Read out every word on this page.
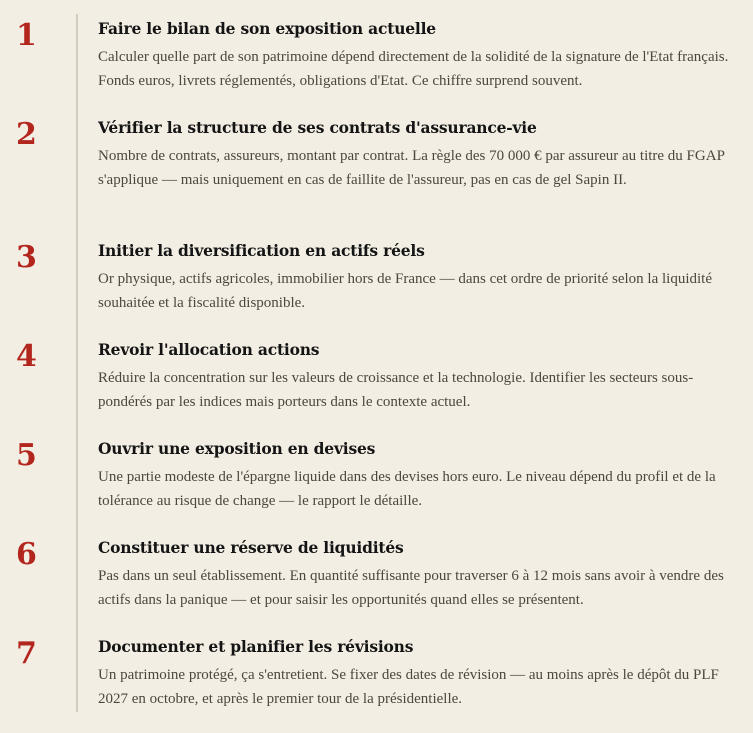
1	Faire le bilan de son exposition actuelle
Calculer quelle part de son patrimoine dépend directement de la solidité de la signature de l'Etat français. Fonds euros, livrets réglementés, obligations d'Etat. Ce chiffre surprend souvent.
2	Vérifier la structure de ses contrats d'assurance-vie
Nombre de contrats, assureurs, montant par contrat. La règle des 70 000 € par assureur au titre du FGAP s'applique — mais uniquement en cas de faillite de l'assureur, pas en cas de gel Sapin II.
3	Initier la diversification en actifs réels
Or physique, actifs agricoles, immobilier hors de France — dans cet ordre de priorité selon la liquidité souhaitée et la fiscalité disponible.
4	Revoir l'allocation actions
Réduire la concentration sur les valeurs de croissance et la technologie. Identifier les secteurs sous-pondérés par les indices mais porteurs dans le contexte actuel.
5	Ouvrir une exposition en devises
Une partie modeste de l'épargne liquide dans des devises hors euro. Le niveau dépend du profil et de la tolérance au risque de change — le rapport le détaille.
6	Constituer une réserve de liquidités
Pas dans un seul établissement. En quantité suffisante pour traverser 6 à 12 mois sans avoir à vendre des actifs dans la panique — et pour saisir les opportunités quand elles se présentent.
7	Documenter et planifier les révisions
Un patrimoine protégé, ça s'entretient. Se fixer des dates de révision — au moins après le dépôt du PLF 2027 en octobre, et après le premier tour de la présidentielle.
